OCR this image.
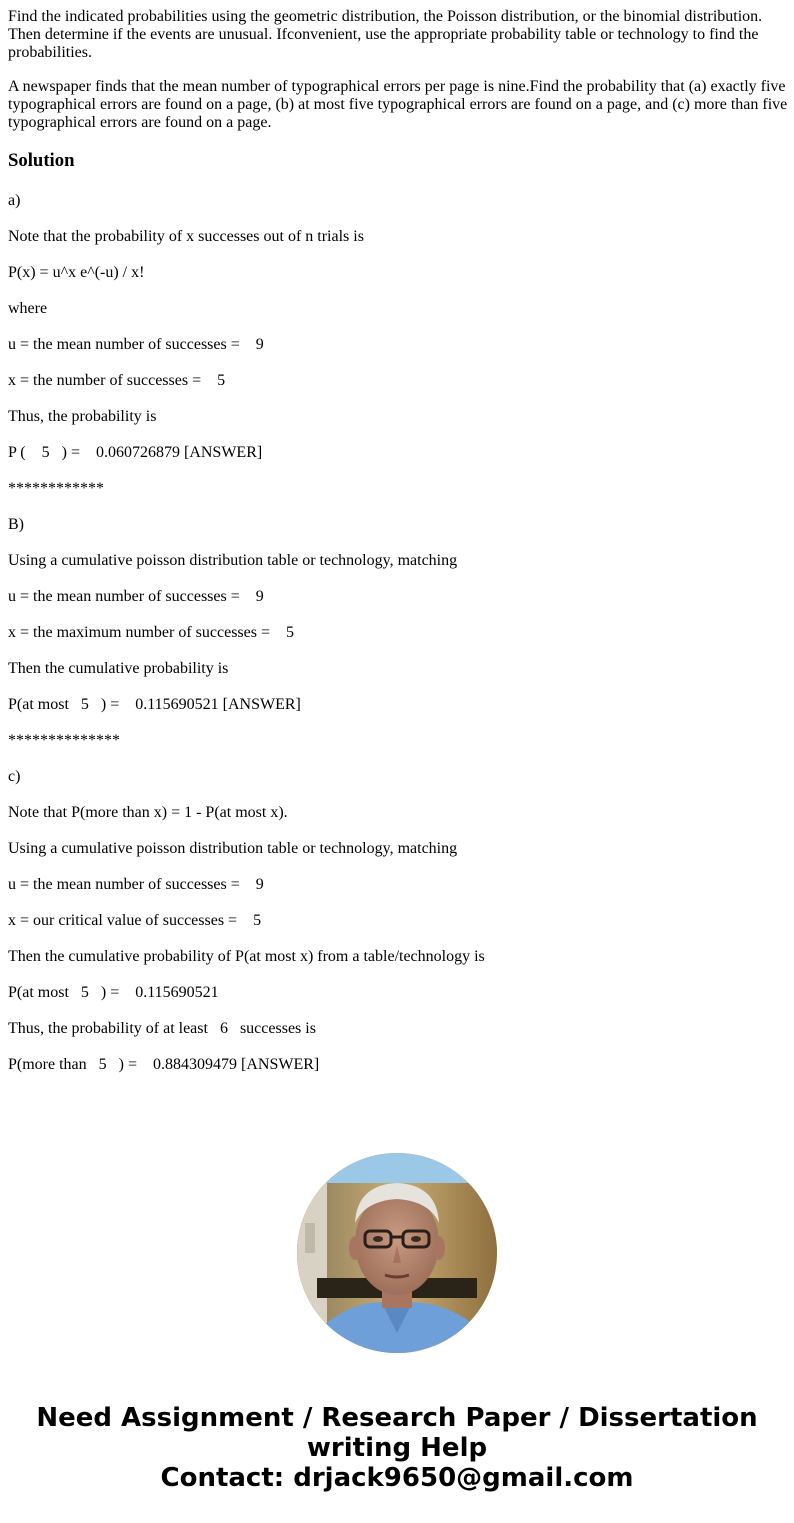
Find the indicated probabilities using the geometric distribution, the Poisson distribution, or the binomial distribution. Then determine if the events are unusual. Ifconvenient, use the appropriate probability table or technology to find the probabilities.

A newspaper finds that the mean number of typographical errors per page is nine.Find the probability that (a) exactly five typographical errors are found on a page, (b) at most five typographical errors are found on a page, and (c) more than five typographical errors are found on a page.

Solution

a)

Note that the probability of x successes out of n trials is

P(x) = u^x e^(-u) / x!

where

u = the mean number of successes =    9

x = the number of successes =    5

Thus, the probability is

P (    5   ) =    0.060726879 [ANSWER]

************

B)

Using a cumulative poisson distribution table or technology, matching

u = the mean number of successes =    9

x = the maximum number of successes =    5

Then the cumulative probability is

P(at most   5   ) =    0.115690521 [ANSWER]

**************

c)

Note that P(more than x) = 1 - P(at most x).

Using a cumulative poisson distribution table or technology, matching

u = the mean number of successes =    9

x = our critical value of successes =    5

Then the cumulative probability of P(at most x) from a table/technology is

P(at most   5   ) =    0.115690521

Thus, the probability of at least   6   successes is

P(more than   5   ) =    0.884309479 [ANSWER]

Need Assignment / Research Paper / Dissertation
writing Help
Contact: drjack9650@gmail.com
